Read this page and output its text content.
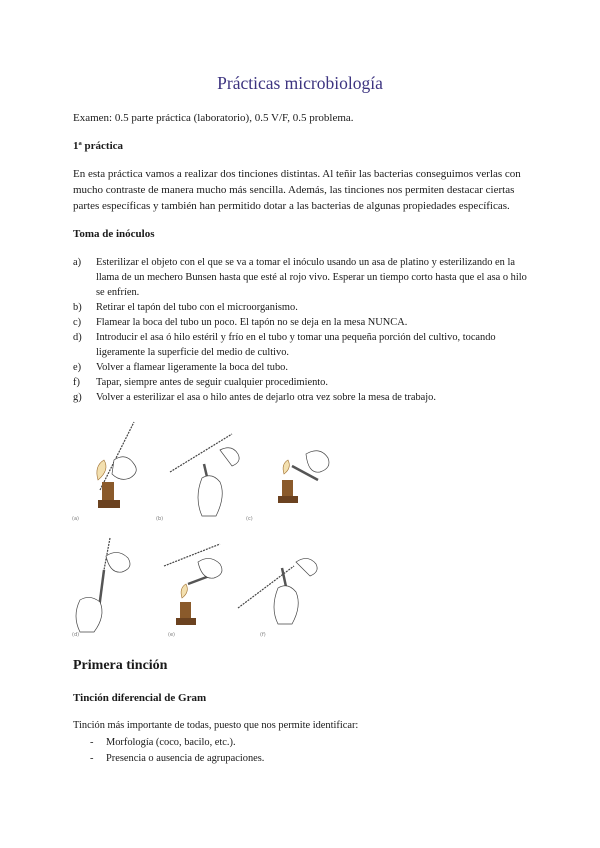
Prácticas microbiología
Examen: 0.5 parte práctica (laboratorio), 0.5 V/F, 0.5 problema.
1ª práctica
En esta práctica vamos a realizar dos tinciones distintas. Al teñir las bacterias conseguimos verlas con mucho contraste de manera mucho más sencilla. Además, las tinciones nos permiten destacar ciertas partes específicas y también han permitido dotar a las bacterias de algunas propiedades específicas.
Toma de inóculos
a) Esterilizar el objeto con el que se va a tomar el inóculo usando un asa de platino y esterilizando en la llama de un mechero Bunsen hasta que esté al rojo vivo. Esperar un tiempo corto hasta que el asa o hilo se enfríen.
b) Retirar el tapón del tubo con el microorganismo.
c) Flamear la boca del tubo un poco. El tapón no se deja en la mesa NUNCA.
d) Introducir el asa ó hilo estéril y frío en el tubo y tomar una pequeña porción del cultivo, tocando ligeramente la superficie del medio de cultivo.
e) Volver a flamear ligeramente la boca del tubo.
f) Tapar, siempre antes de seguir cualquier procedimiento.
g) Volver a esterilizar el asa o hilo antes de dejarlo otra vez sobre la mesa de trabajo.
(a)	(b)	(c)
(d)	(e)	(f)
Primera tinción
Tinción diferencial de Gram
Tinción más importante de todas, puesto que nos permite identificar:
- Morfología (coco, bacilo, etc.).
- Presencia o ausencia de agrupaciones.
